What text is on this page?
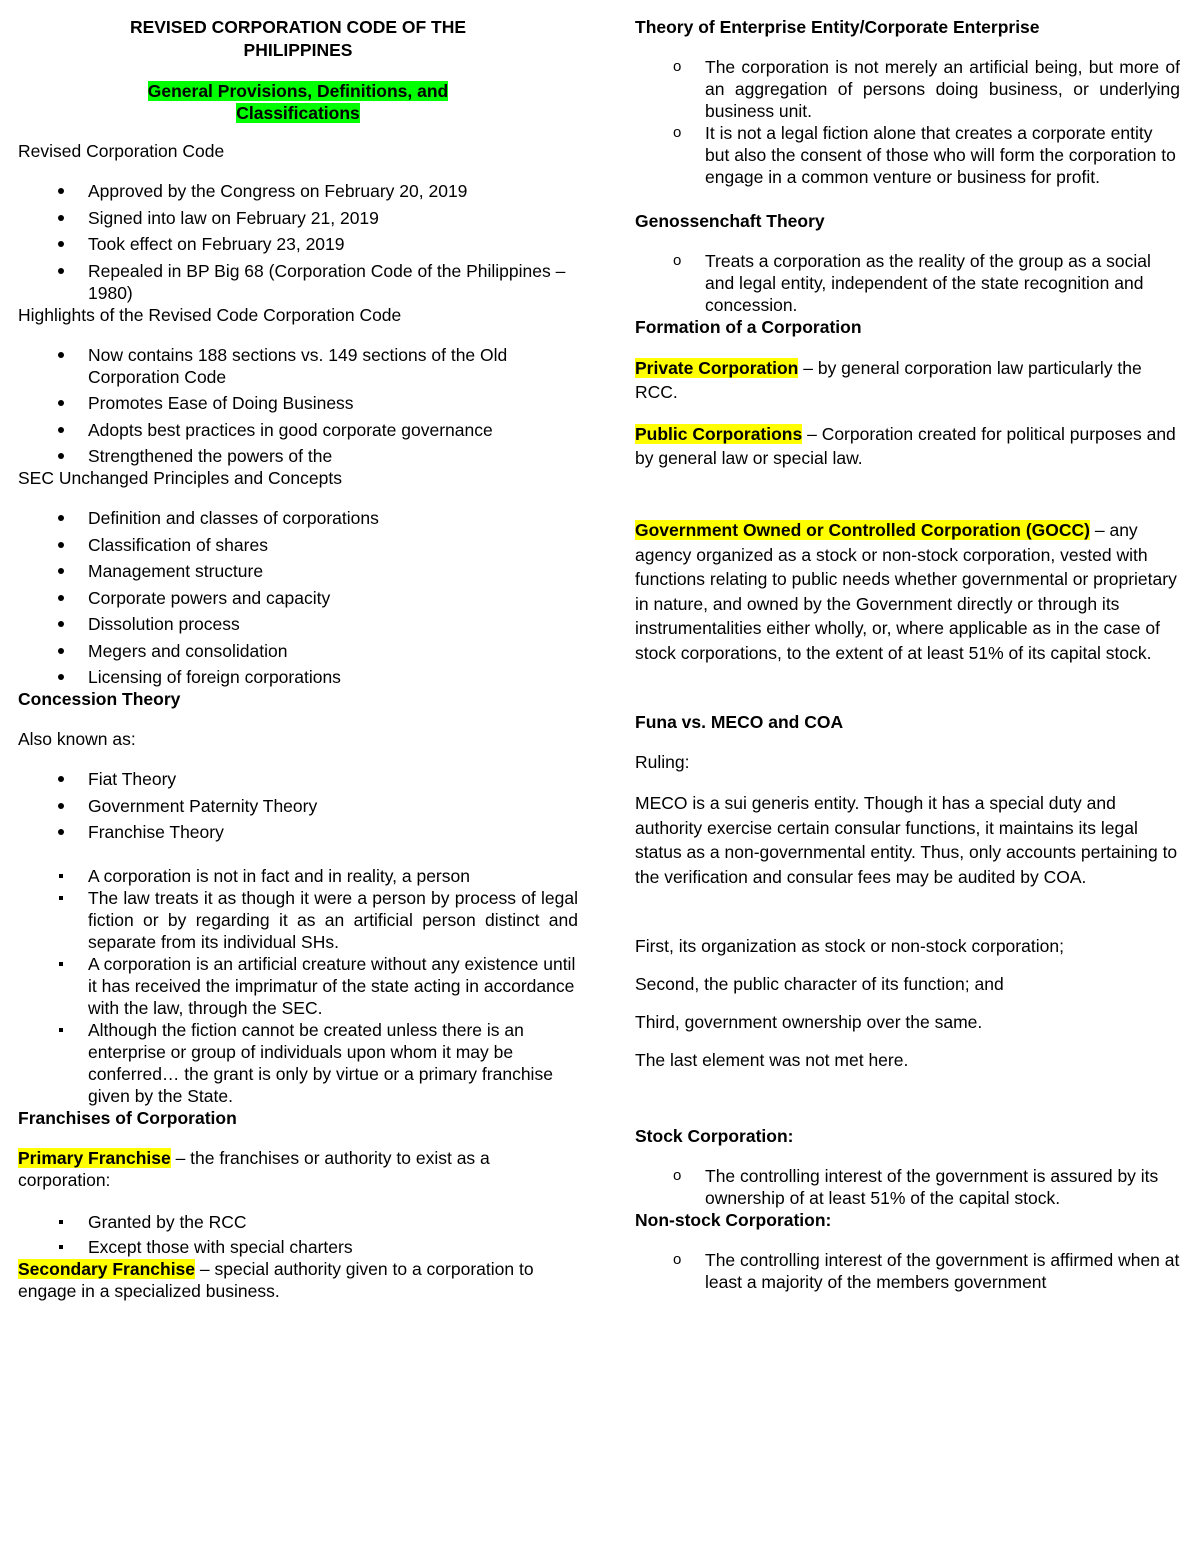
REVISED CORPORATION CODE OF THE
PHILIPPINES
General Provisions, Definitions, and
Classifications

Revised Corporation Code

Approved by the Congress on February 20, 2019
Signed into law on February 21, 2019
Took effect on February 23, 2019
Repealed in BP Big 68 (Corporation Code of the Philippines – 1980)

Highlights of the Revised Code Corporation Code

Now contains 188 sections vs. 149 sections of the Old Corporation Code
Promotes Ease of Doing Business
Adopts best practices in good corporate governance
Strengthened the powers of the

SEC Unchanged Principles and Concepts

Definition and classes of corporations
Classification of shares
Management structure
Corporate powers and capacity
Dissolution process
Megers and consolidation
Licensing of foreign corporations
Concession Theory

Also known as:

Fiat Theory
Government Paternity Theory
Franchise Theory
A corporation is not in fact and in reality, a person
The law treats it as though it were a person by process of legal fiction or by regarding it as an artificial person distinct and separate from its individual SHs.
A corporation is an artificial creature without any existence until it has received the imprimatur of the state acting in accordance with the law, through the SEC.
Although the fiction cannot be created unless there is an enterprise or group of individuals upon whom it may be conferred… the grant is only by virtue or a primary franchise given by the State.
Franchises of Corporation

Primary Franchise – the franchises or authority to exist as a corporation:

Granted by the RCC
Except those with special charters

Secondary Franchise – special authority given to a corporation to engage in a specialized business.

Theory of Enterprise Entity/Corporate Enterprise
o The corporation is not merely an artificial being, but more of an aggregation of persons doing business, or underlying business unit.
o It is not a legal fiction alone that creates a corporate entity but also the consent of those who will form the corporation to engage in a common venture or business for profit.
Genossenchaft Theory
o Treats a corporation as the reality of the group as a social and legal entity, independent of the state recognition and concession.
Formation of a Corporation

Private Corporation – by general corporation law particularly the RCC.

Public Corporations – Corporation created for political purposes and by general law or special law.

Government Owned or Controlled Corporation (GOCC) – any agency organized as a stock or non-stock corporation, vested with functions relating to public needs whether governmental or proprietary in nature, and owned by the Government directly or through its instrumentalities either wholly, or, where applicable as in the case of stock corporations, to the extent of at least 51% of its capital stock.

Funa vs. MECO and COA

Ruling:

MECO is a sui generis entity. Though it has a special duty and authority exercise certain consular functions, it maintains its legal status as a non-governmental entity. Thus, only accounts pertaining to the verification and consular fees may be audited by COA.

First, its organization as stock or non-stock corporation;

Second, the public character of its function; and

Third, government ownership over the same.

The last element was not met here.

Stock Corporation:
o The controlling interest of the government is assured by its ownership of at least 51% of the capital stock.
Non-stock Corporation:
o The controlling interest of the government is affirmed when at least a majority of the members government
